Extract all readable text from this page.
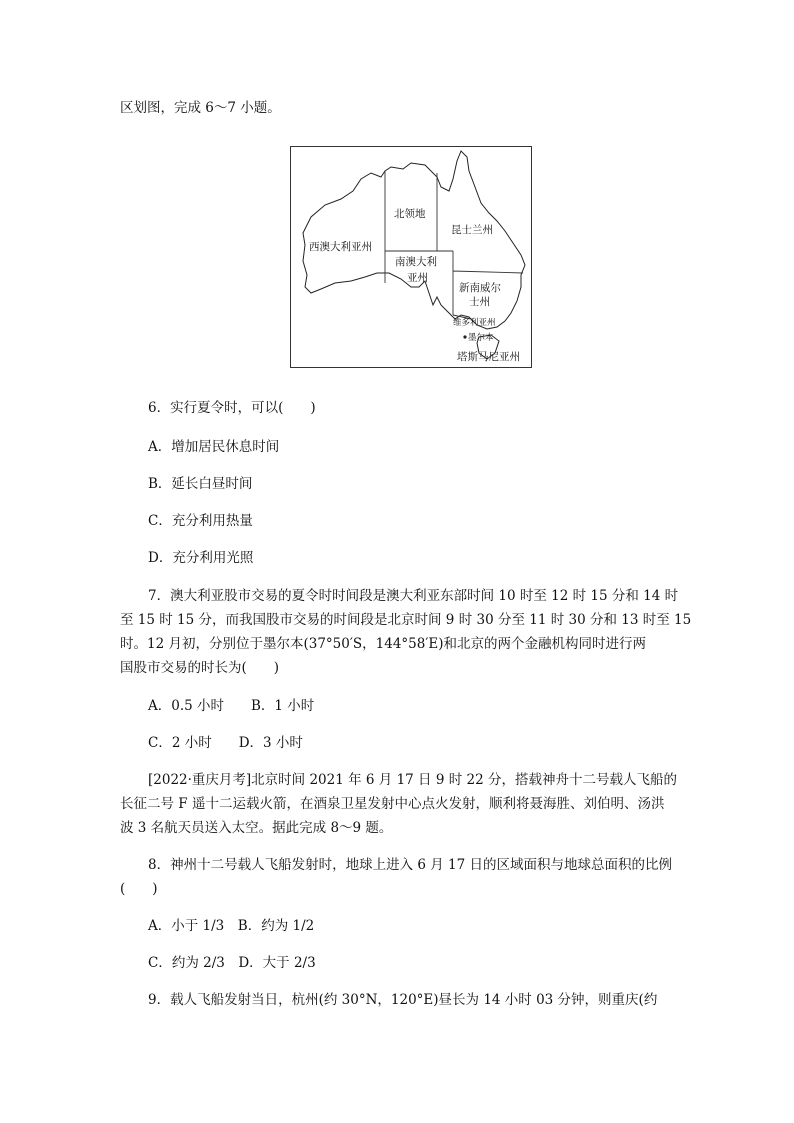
区划图，完成 6～7 小题。
北领地
西澳大利亚州
昆士兰州
南澳大利
亚州
新南威尔
士州
维多利亚州
墨尔本
塔斯马尼亚州
6．实行夏令时，可以(　　)
A．增加居民休息时间
B．延长白昼时间
C．充分利用热量
D．充分利用光照
7．澳大利亚股市交易的夏令时时间段是澳大利亚东部时间 10 时至 12 时 15 分和 14 时
至 15 时 15 分，而我国股市交易的时间段是北京时间 9 时 30 分至 11 时 30 分和 13 时至 15
时。12 月初，分别位于墨尔本(37°50′S，144°58′E)和北京的两个金融机构同时进行两
国股市交易的时长为(　　)
A．0.5 小时　　B．1 小时
C．2 小时　　D．3 小时
[2022·重庆月考]北京时间 2021 年 6 月 17 日 9 时 22 分，搭载神舟十二号载人飞船的
长征二号 F 遥十二运载火箭，在酒泉卫星发射中心点火发射，顺利将聂海胜、刘伯明、汤洪
波 3 名航天员送入太空。据此完成 8～9 题。
8．神州十二号载人飞船发射时，地球上进入 6 月 17 日的区域面积与地球总面积的比例
(　　)
A．小于 1/3　B．约为 1/2
C．约为 2/3　D．大于 2/3
9．载人飞船发射当日，杭州(约 30°N，120°E)昼长为 14 小时 03 分钟，则重庆(约
